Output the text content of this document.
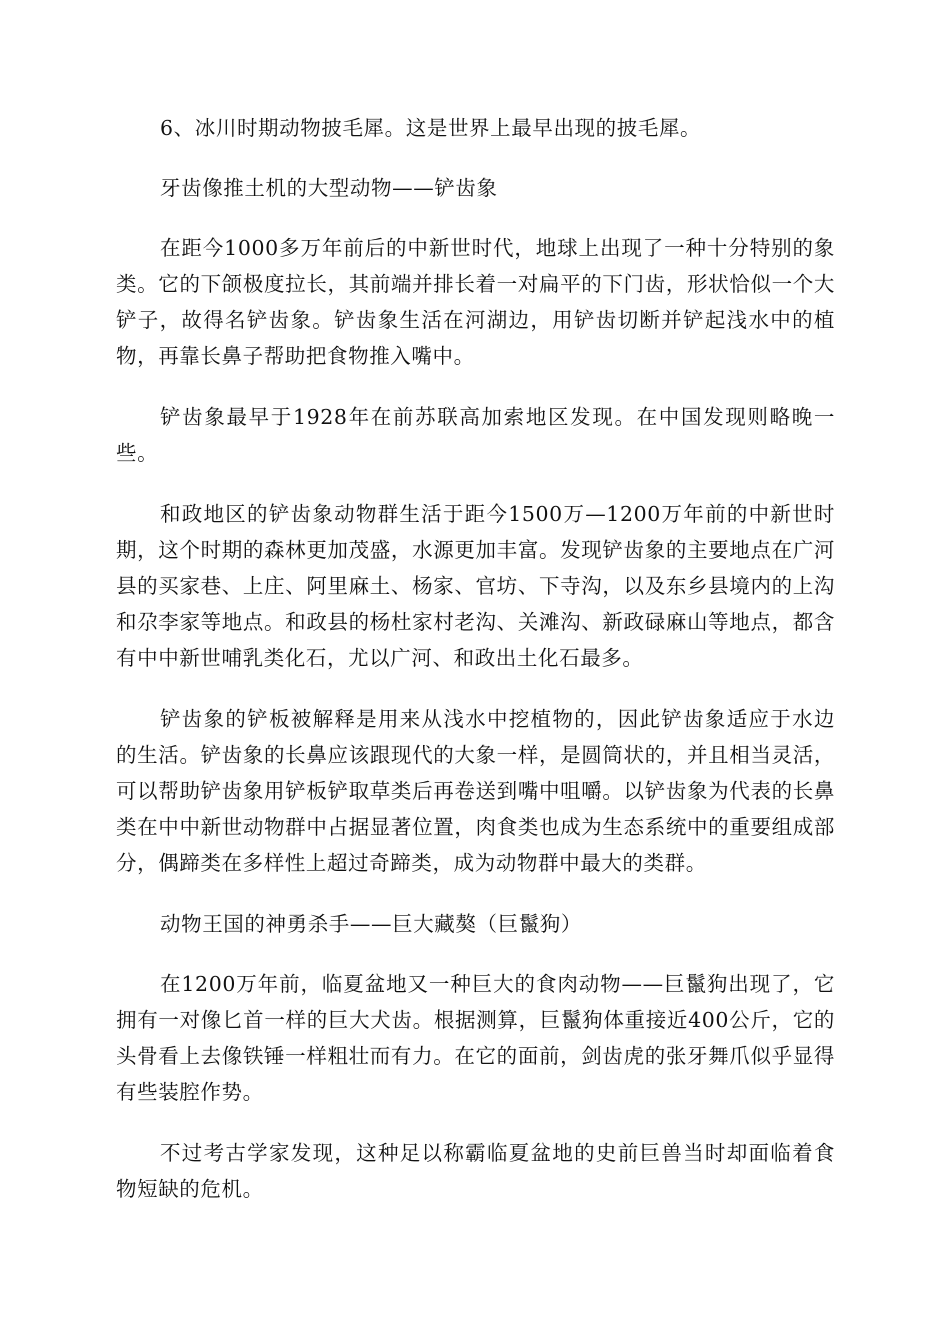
6、冰川时期动物披毛犀。这是世界上最早出现的披毛犀。

牙齿像推土机的大型动物——铲齿象

在距今1000多万年前后的中新世时代，地球上出现了一种十分特别的象类。它的下颌极度拉长，其前端并排长着一对扁平的下门齿，形状恰似一个大铲子，故得名铲齿象。铲齿象生活在河湖边，用铲齿切断并铲起浅水中的植物，再靠长鼻子帮助把食物推入嘴中。

铲齿象最早于1928年在前苏联高加索地区发现。在中国发现则略晚一些。

和政地区的铲齿象动物群生活于距今1500万—1200万年前的中新世时期，这个时期的森林更加茂盛，水源更加丰富。发现铲齿象的主要地点在广河县的买家巷、上庄、阿里麻土、杨家、官坊、下寺沟，以及东乡县境内的上沟和尕李家等地点。和政县的杨杜家村老沟、关滩沟、新政碌麻山等地点，都含有中中新世哺乳类化石，尤以广河、和政出土化石最多。

铲齿象的铲板被解释是用来从浅水中挖植物的，因此铲齿象适应于水边的生活。铲齿象的长鼻应该跟现代的大象一样，是圆筒状的，并且相当灵活，可以帮助铲齿象用铲板铲取草类后再卷送到嘴中咀嚼。以铲齿象为代表的长鼻类在中中新世动物群中占据显著位置，肉食类也成为生态系统中的重要组成部分，偶蹄类在多样性上超过奇蹄类，成为动物群中最大的类群。

动物王国的神勇杀手——巨大藏獒（巨鬣狗）

在1200万年前，临夏盆地又一种巨大的食肉动物——巨鬣狗出现了，它拥有一对像匕首一样的巨大犬齿。根据测算，巨鬣狗体重接近400公斤，它的头骨看上去像铁锤一样粗壮而有力。在它的面前，剑齿虎的张牙舞爪似乎显得有些装腔作势。

不过考古学家发现，这种足以称霸临夏盆地的史前巨兽当时却面临着食物短缺的危机。
